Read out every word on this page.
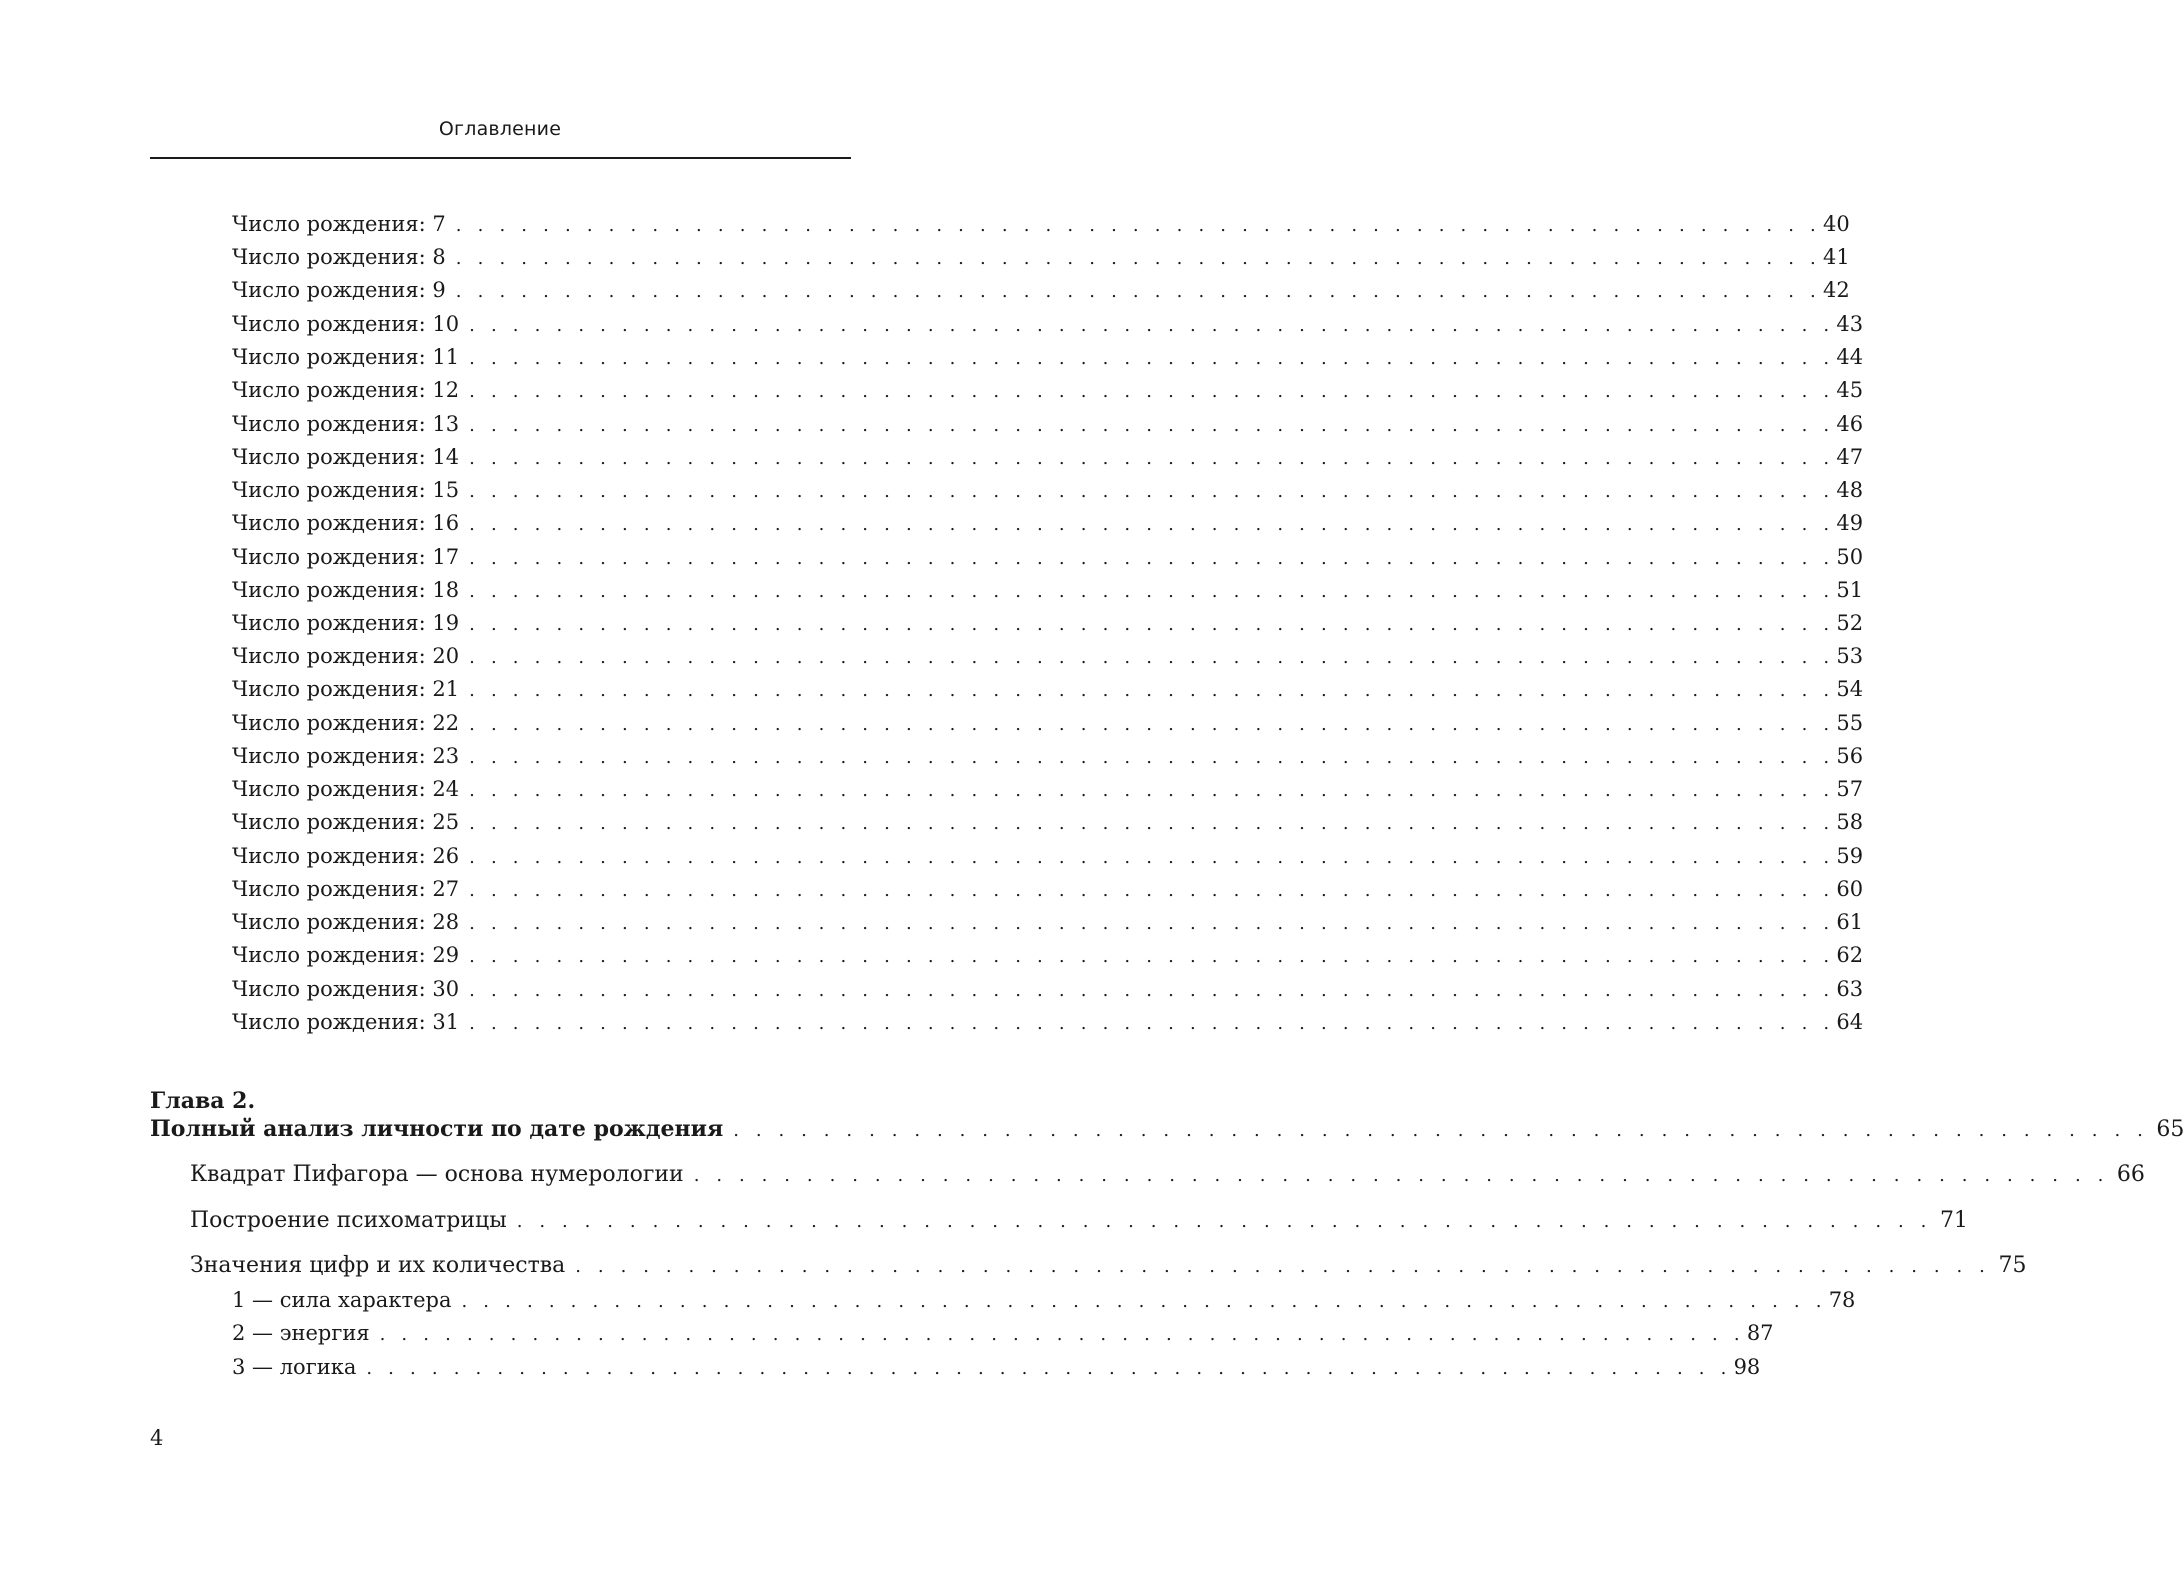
Оглавление
Число рождения: 7 . . . . . . . . . . . . . . . . . . . . . . . . . . . . . . . . . . . . . . . . . . . . . . . . . . . . . . . . . . . . . . . 40
Число рождения: 8 . . . . . . . . . . . . . . . . . . . . . . . . . . . . . . . . . . . . . . . . . . . . . . . . . . . . . . . . . . . . . . . 41
Число рождения: 9 . . . . . . . . . . . . . . . . . . . . . . . . . . . . . . . . . . . . . . . . . . . . . . . . . . . . . . . . . . . . . . . 42
Число рождения: 10 . . . . . . . . . . . . . . . . . . . . . . . . . . . . . . . . . . . . . . . . . . . . . . . . . . . . . . . . . . . . . . . 43
Число рождения: 11 . . . . . . . . . . . . . . . . . . . . . . . . . . . . . . . . . . . . . . . . . . . . . . . . . . . . . . . . . . . . . . . 44
Число рождения: 12 . . . . . . . . . . . . . . . . . . . . . . . . . . . . . . . . . . . . . . . . . . . . . . . . . . . . . . . . . . . . . . . 45
Число рождения: 13 . . . . . . . . . . . . . . . . . . . . . . . . . . . . . . . . . . . . . . . . . . . . . . . . . . . . . . . . . . . . . . . 46
Число рождения: 14 . . . . . . . . . . . . . . . . . . . . . . . . . . . . . . . . . . . . . . . . . . . . . . . . . . . . . . . . . . . . . . . 47
Число рождения: 15 . . . . . . . . . . . . . . . . . . . . . . . . . . . . . . . . . . . . . . . . . . . . . . . . . . . . . . . . . . . . . . . 48
Число рождения: 16 . . . . . . . . . . . . . . . . . . . . . . . . . . . . . . . . . . . . . . . . . . . . . . . . . . . . . . . . . . . . . . . 49
Число рождения: 17 . . . . . . . . . . . . . . . . . . . . . . . . . . . . . . . . . . . . . . . . . . . . . . . . . . . . . . . . . . . . . . . 50
Число рождения: 18 . . . . . . . . . . . . . . . . . . . . . . . . . . . . . . . . . . . . . . . . . . . . . . . . . . . . . . . . . . . . . . . 51
Число рождения: 19 . . . . . . . . . . . . . . . . . . . . . . . . . . . . . . . . . . . . . . . . . . . . . . . . . . . . . . . . . . . . . . . 52
Число рождения: 20 . . . . . . . . . . . . . . . . . . . . . . . . . . . . . . . . . . . . . . . . . . . . . . . . . . . . . . . . . . . . . . . 53
Число рождения: 21 . . . . . . . . . . . . . . . . . . . . . . . . . . . . . . . . . . . . . . . . . . . . . . . . . . . . . . . . . . . . . . . 54
Число рождения: 22 . . . . . . . . . . . . . . . . . . . . . . . . . . . . . . . . . . . . . . . . . . . . . . . . . . . . . . . . . . . . . . . 55
Число рождения: 23 . . . . . . . . . . . . . . . . . . . . . . . . . . . . . . . . . . . . . . . . . . . . . . . . . . . . . . . . . . . . . . . 56
Число рождения: 24 . . . . . . . . . . . . . . . . . . . . . . . . . . . . . . . . . . . . . . . . . . . . . . . . . . . . . . . . . . . . . . . 57
Число рождения: 25 . . . . . . . . . . . . . . . . . . . . . . . . . . . . . . . . . . . . . . . . . . . . . . . . . . . . . . . . . . . . . . . 58
Число рождения: 26 . . . . . . . . . . . . . . . . . . . . . . . . . . . . . . . . . . . . . . . . . . . . . . . . . . . . . . . . . . . . . . . 59
Число рождения: 27 . . . . . . . . . . . . . . . . . . . . . . . . . . . . . . . . . . . . . . . . . . . . . . . . . . . . . . . . . . . . . . . 60
Число рождения: 28 . . . . . . . . . . . . . . . . . . . . . . . . . . . . . . . . . . . . . . . . . . . . . . . . . . . . . . . . . . . . . . . 61
Число рождения: 29 . . . . . . . . . . . . . . . . . . . . . . . . . . . . . . . . . . . . . . . . . . . . . . . . . . . . . . . . . . . . . . . 62
Число рождения: 30 . . . . . . . . . . . . . . . . . . . . . . . . . . . . . . . . . . . . . . . . . . . . . . . . . . . . . . . . . . . . . . . 63
Число рождения: 31 . . . . . . . . . . . . . . . . . . . . . . . . . . . . . . . . . . . . . . . . . . . . . . . . . . . . . . . . . . . . . . . 64
Глава 2.
Полный анализ личности по дате рождения . . . . . . . . . . . . . . . . . . . . . . . . . . . . . . . . . . . . . . . . . . . . . . . . . . . . . . . . . . . . . . . 65
Квадрат Пифагора — основа нумерологии . . . . . . . . . . . . . . . . . . . . . . . . . . . . . . . . . . . . . . . . . . . . . . . . . . . . . . . . . . . . . . . 66
Построение психоматрицы . . . . . . . . . . . . . . . . . . . . . . . . . . . . . . . . . . . . . . . . . . . . . . . . . . . . . . . . . . . . . . . 71
Значения цифр и их количества . . . . . . . . . . . . . . . . . . . . . . . . . . . . . . . . . . . . . . . . . . . . . . . . . . . . . . . . . . . . . . . 75
1 — сила характера . . . . . . . . . . . . . . . . . . . . . . . . . . . . . . . . . . . . . . . . . . . . . . . . . . . . . . . . . . . . . . . 78
2 — энергия . . . . . . . . . . . . . . . . . . . . . . . . . . . . . . . . . . . . . . . . . . . . . . . . . . . . . . . . . . . . . . . 87
3 — логика . . . . . . . . . . . . . . . . . . . . . . . . . . . . . . . . . . . . . . . . . . . . . . . . . . . . . . . . . . . . . . . 98
4
